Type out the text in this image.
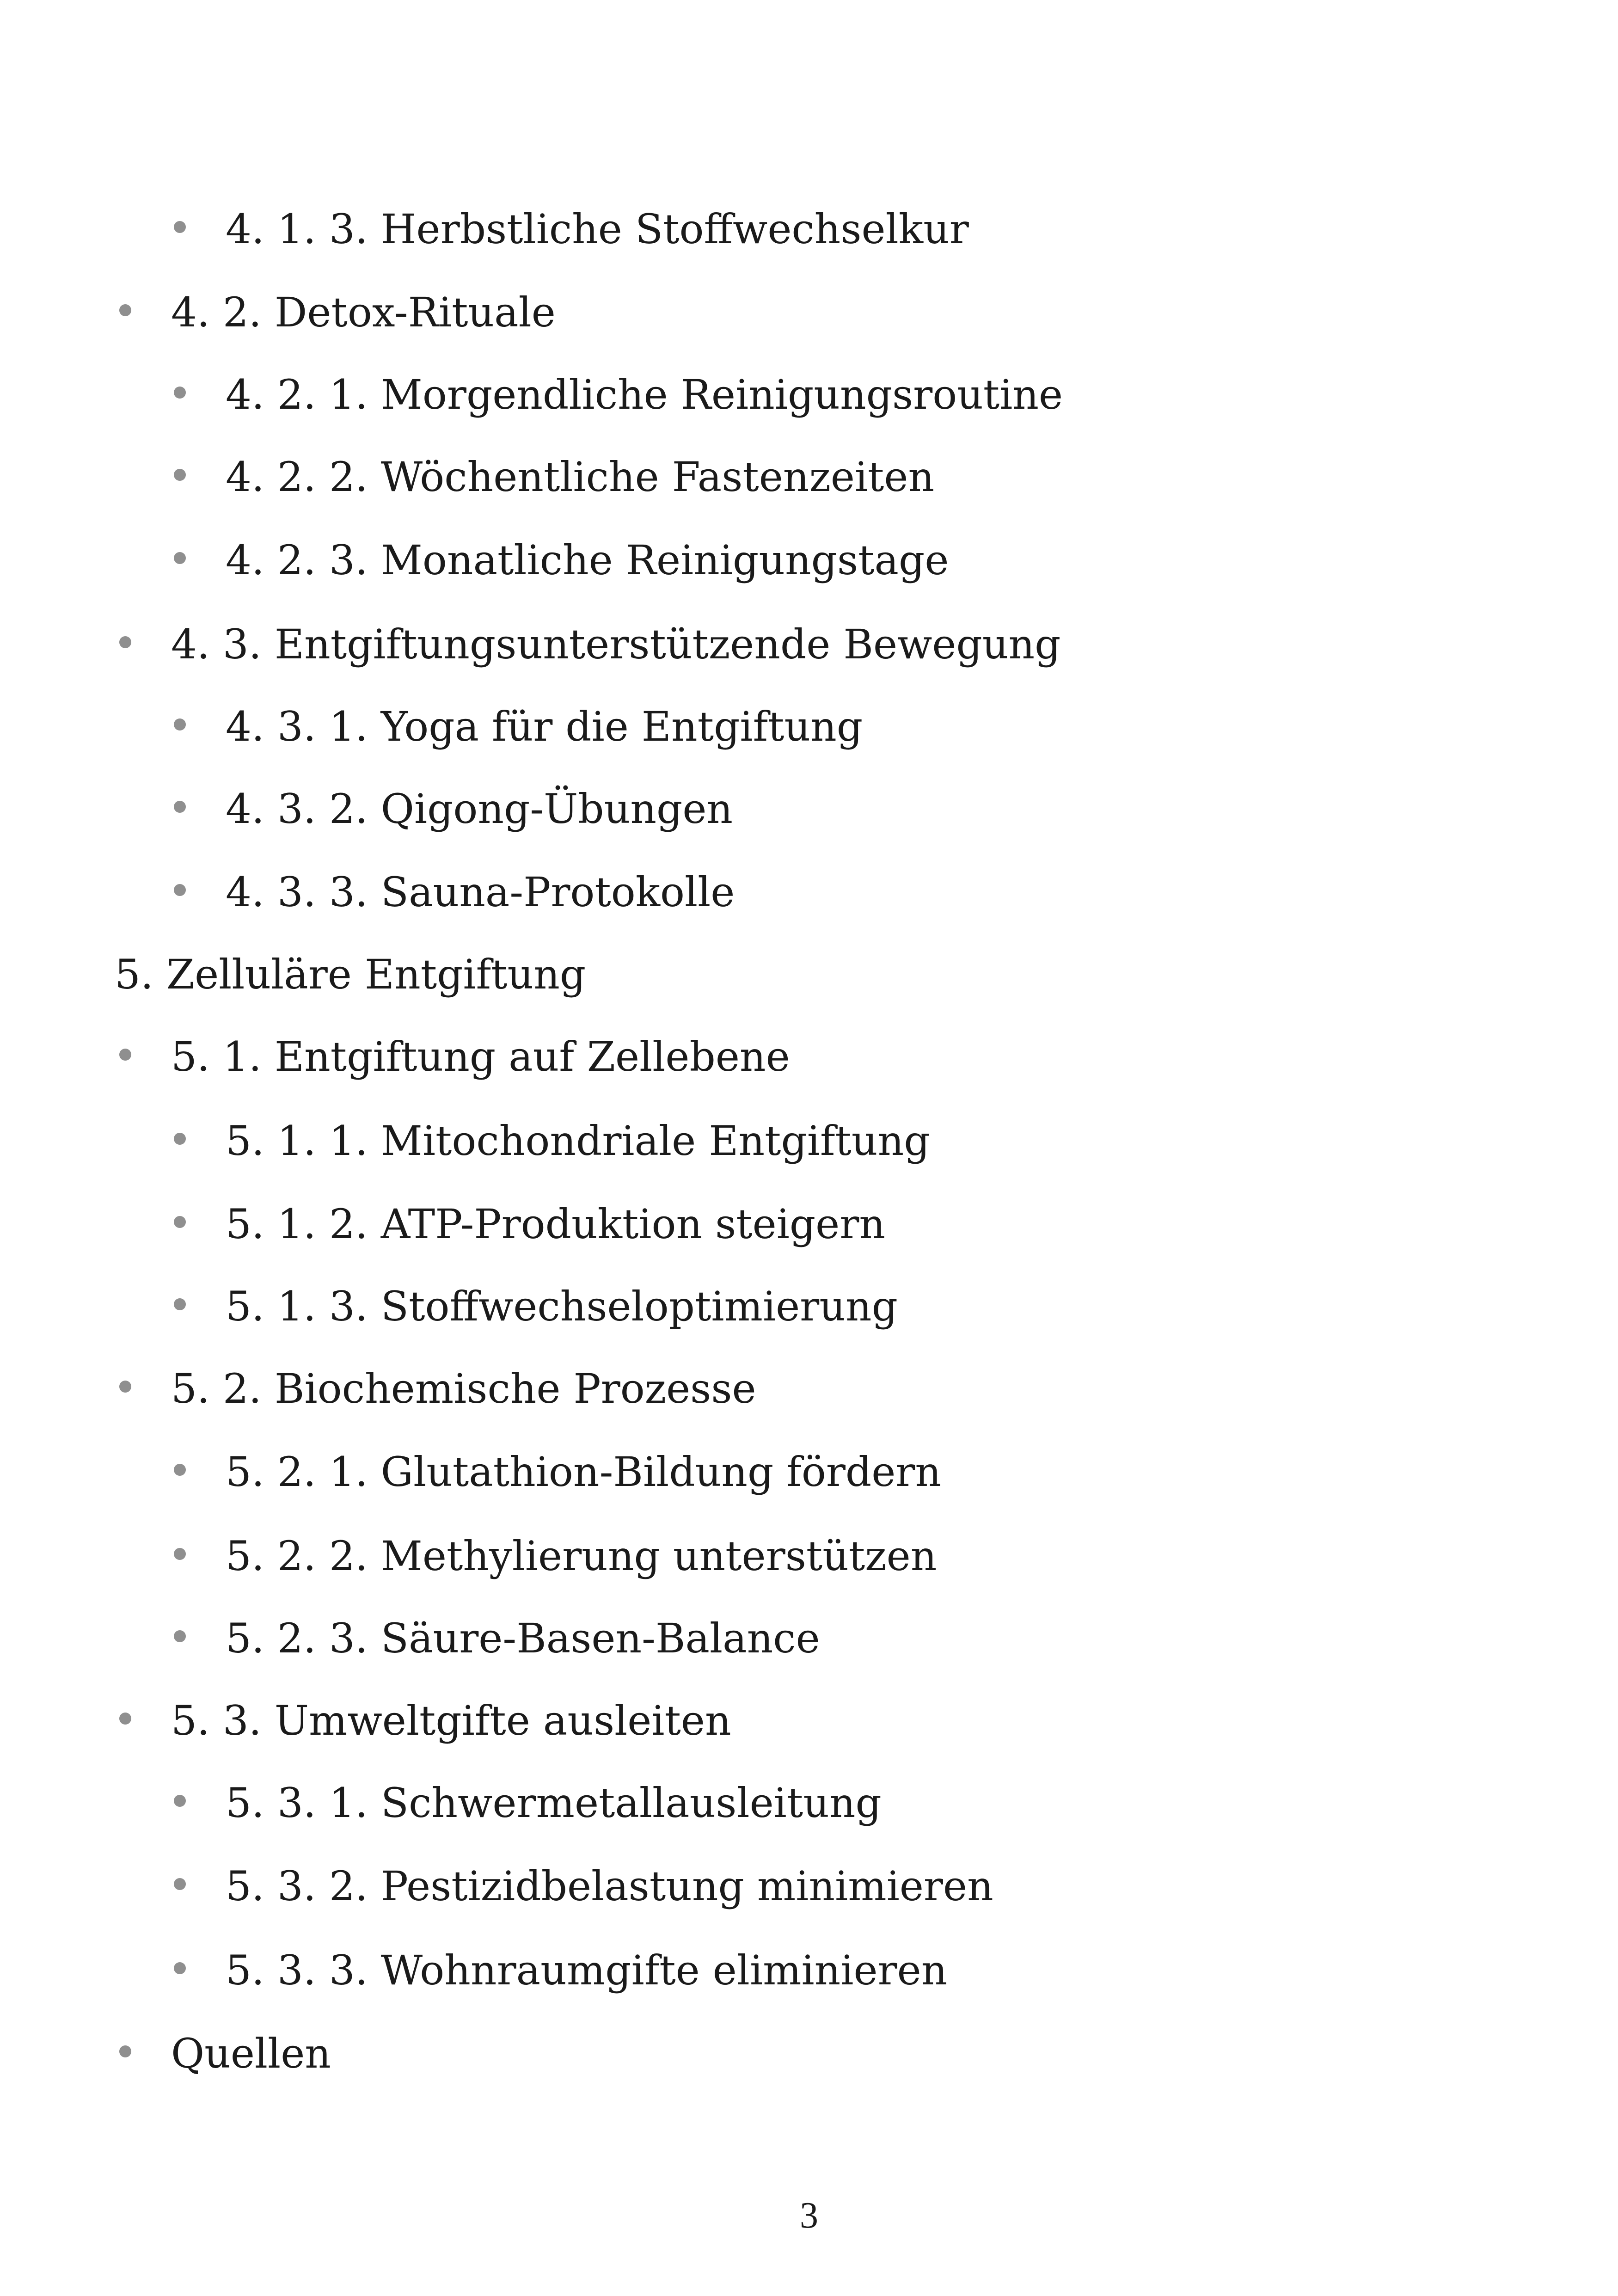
4. 1. 3. Herbstliche Stoffwechselkur
4. 2. Detox-Rituale
4. 2. 1. Morgendliche Reinigungsroutine
4. 2. 2. Wöchentliche Fastenzeiten
4. 2. 3. Monatliche Reinigungstage
4. 3. Entgiftungsunterstützende Bewegung
4. 3. 1. Yoga für die Entgiftung
4. 3. 2. Qigong-Übungen
4. 3. 3. Sauna-Protokolle
5. Zelluläre Entgiftung
5. 1. Entgiftung auf Zellebene
5. 1. 1. Mitochondriale Entgiftung
5. 1. 2. ATP-Produktion steigern
5. 1. 3. Stoffwechseloptimierung
5. 2. Biochemische Prozesse
5. 2. 1. Glutathion-Bildung fördern
5. 2. 2. Methylierung unterstützen
5. 2. 3. Säure-Basen-Balance
5. 3. Umweltgifte ausleiten
5. 3. 1. Schwermetallausleitung
5. 3. 2. Pestizidbelastung minimieren
5. 3. 3. Wohnraumgifte eliminieren
Quellen
3
